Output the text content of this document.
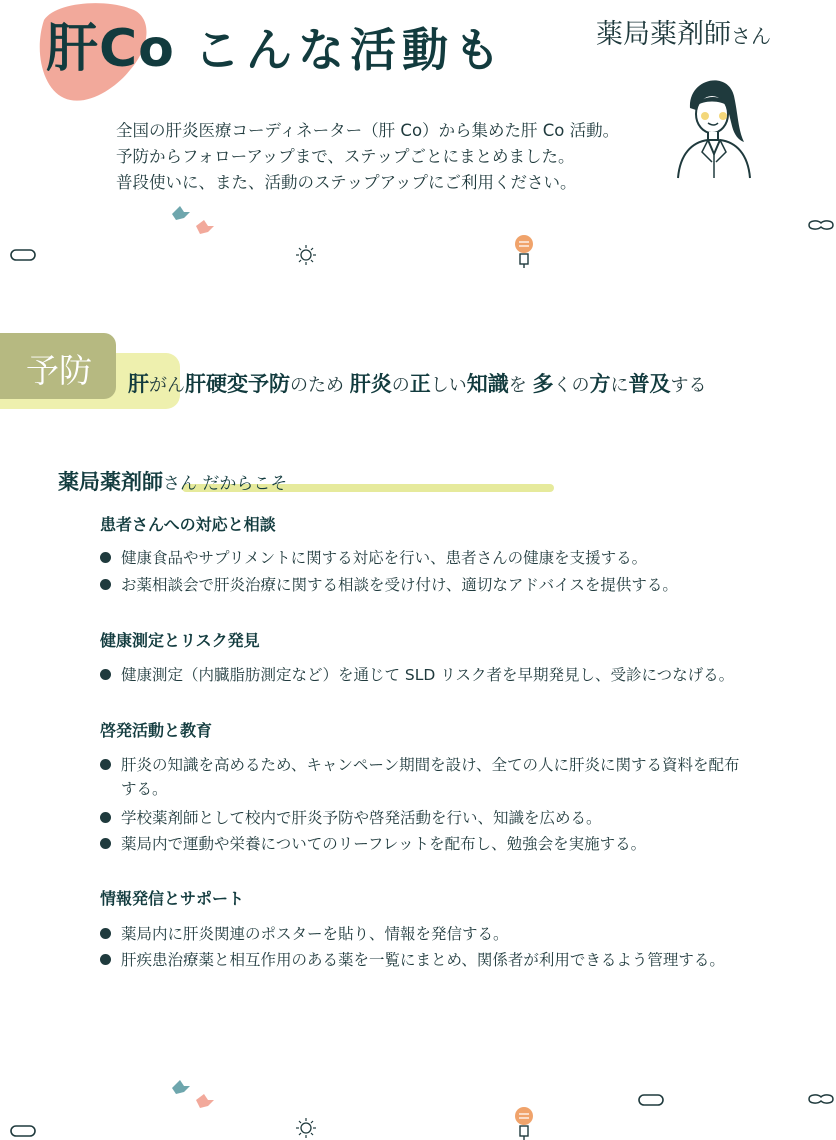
肝Co こんな活動も	薬局薬剤師さん
全国の肝炎医療コーディネーター（肝 Co）から集めた肝 Co 活動。
予防からフォローアップまで、ステップごとにまとめました。
普段使いに、また、活動のステップアップにご利用ください。
予防 肝がん肝硬変予防のため 肝炎の正しい知識を 多くの方に普及する
薬局薬剤師さん だからこそ
患者さんへの対応と相談
健康食品やサプリメントに関する対応を行い、患者さんの健康を支援する。
お薬相談会で肝炎治療に関する相談を受け付け、適切なアドバイスを提供する。
健康測定とリスク発見
健康測定（内臓脂肪測定など）を通じて SLD リスク者を早期発見し、受診につなげる。
啓発活動と教育
肝炎の知識を高めるため、キャンペーン期間を設け、全ての人に肝炎に関する資料を配布
する。
学校薬剤師として校内で肝炎予防や啓発活動を行い、知識を広める。
薬局内で運動や栄養についてのリーフレットを配布し、勉強会を実施する。
情報発信とサポート
薬局内に肝炎関連のポスターを貼り、情報を発信する。
肝疾患治療薬と相互作用のある薬を一覧にまとめ、関係者が利用できるよう管理する。
